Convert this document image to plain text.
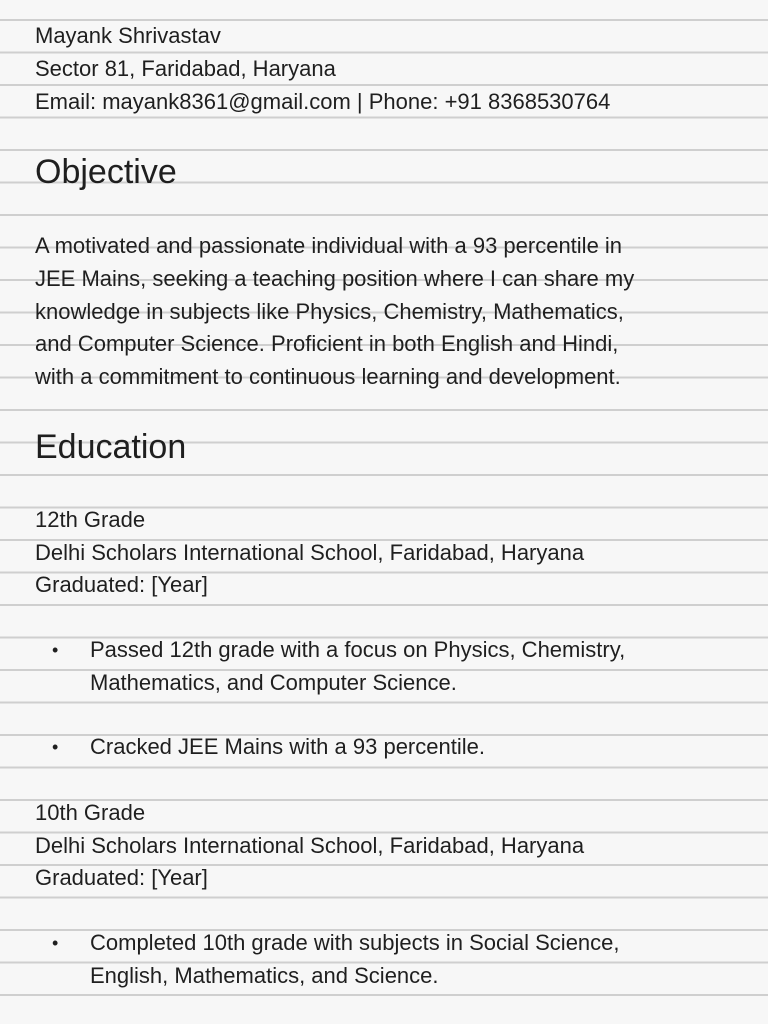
Mayank Shrivastav
Sector 81, Faridabad, Haryana
Email: mayank8361@gmail.com | Phone: +91 8368530764
Objective
A motivated and passionate individual with a 93 percentile in
JEE Mains, seeking a teaching position where I can share my
knowledge in subjects like Physics, Chemistry, Mathematics,
and Computer Science. Proficient in both English and Hindi,
with a commitment to continuous learning and development.
Education
12th Grade
Delhi Scholars International School, Faridabad, Haryana
Graduated: [Year]
• Passed 12th grade with a focus on Physics, Chemistry,
Mathematics, and Computer Science.
• Cracked JEE Mains with a 93 percentile.
10th Grade
Delhi Scholars International School, Faridabad, Haryana
Graduated: [Year]
• Completed 10th grade with subjects in Social Science,
English, Mathematics, and Science.
